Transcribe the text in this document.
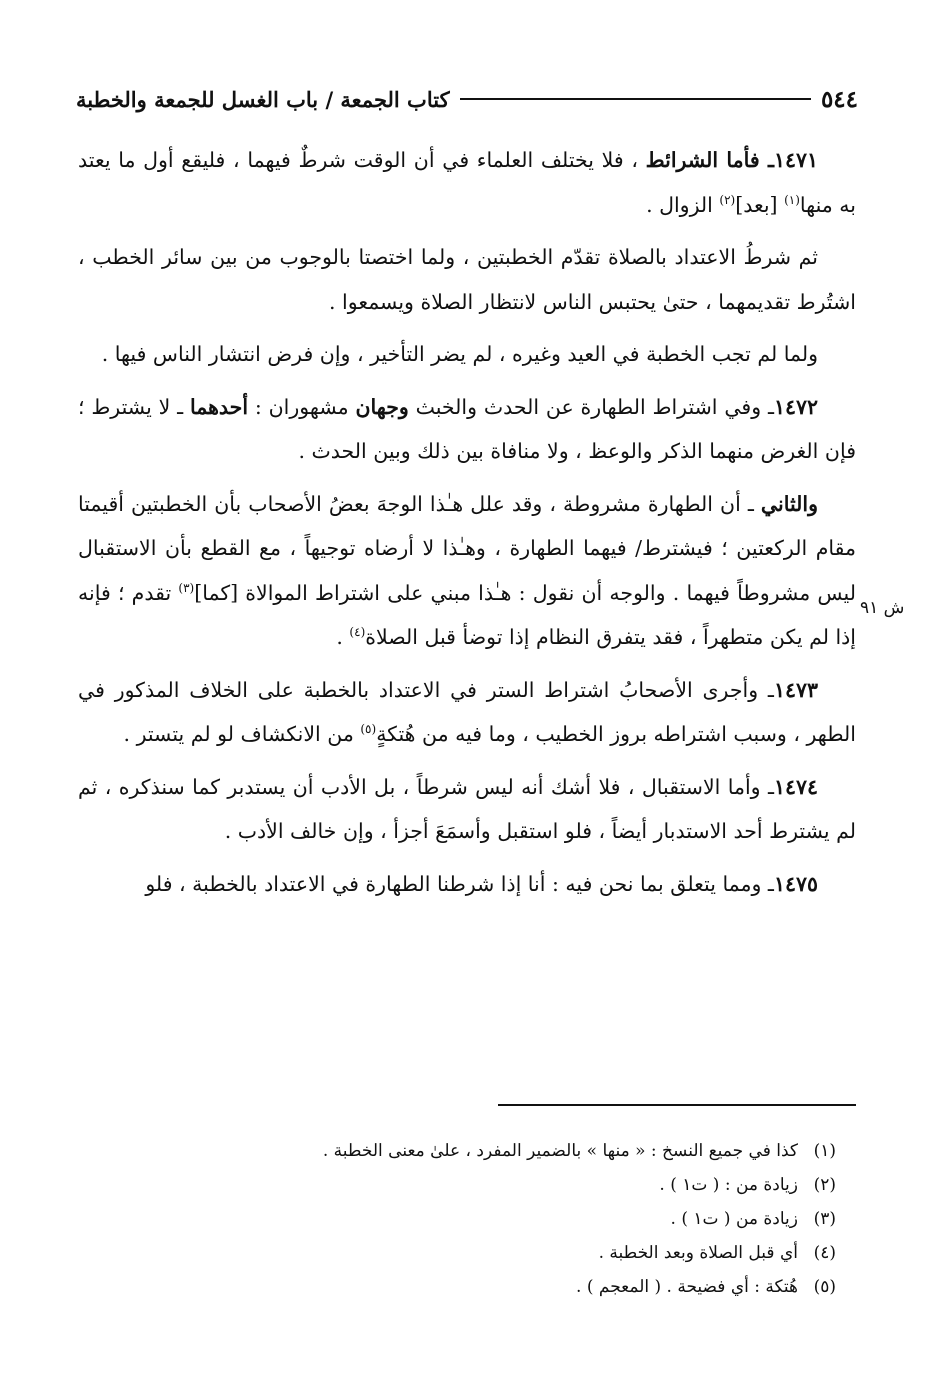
٥٤٤
كتاب الجمعة / باب الغسل للجمعة والخطبة
ش ٩١

١٤٧١ـ فأما الشرائط ، فلا يختلف العلماء في أن الوقت شرطٌ فيهما ، فليقع أول ما يعتد به منها$^{(١)}$ [بعد]$^{(٢)}$ الزوال .

ثم شرطُ الاعتداد بالصلاة تقدّم الخطبتين ، ولما اختصتا بالوجوب من بين سائر الخطب ، اشتُرط تقديمهما ، حتىٰ يحتبس الناس لانتظار الصلاة ويسمعوا .

ولما لم تجب الخطبة في العيد وغيره ، لم يضر التأخير ، وإن فرض انتشار الناس فيها .

١٤٧٢ـ وفي اشتراط الطهارة عن الحدث والخبث وجهان مشهوران : أحدهما ـ لا يشترط ؛ فإن الغرض منهما الذكر والوعظ ، ولا منافاة بين ذلك وبين الحدث .

والثاني ـ أن الطهارة مشروطة ، وقد علل هـٰذا الوجهَ بعضُ الأصحاب بأن الخطبتين أقيمتا مقام الركعتين ؛ فيشترط/ فيهما الطهارة ، وهـٰذا لا أرضاه توجيهاً ، مع القطع بأن الاستقبال ليس مشروطاً فيهما . والوجه أن نقول : هـٰذا مبني على اشتراط الموالاة [كما]$^{(٣)}$ تقدم ؛ فإنه إذا لم يكن متطهراً ، فقد يتفرق النظام إذا توضأ قبل الصلاة$^{(٤)}$ .

١٤٧٣ـ وأجرى الأصحابُ اشتراط الستر في الاعتداد بالخطبة على الخلاف المذكور في الطهر ، وسبب اشتراطه بروز الخطيب ، وما فيه من هُتكةٍ$^{(٥)}$ من الانكشاف لو لم يتستر .

١٤٧٤ـ وأما الاستقبال ، فلا أشك أنه ليس شرطاً ، بل الأدب أن يستدبر كما سنذكره ، ثم لم يشترط أحد الاستدبار أيضاً ، فلو استقبل وأسمَعَ أجزأ ، وإن خالف الأدب .

١٤٧٥ـ ومما يتعلق بما نحن فيه : أنا إذا شرطنا الطهارة في الاعتداد بالخطبة ، فلو

(١)كذا في جميع النسخ : « منها » بالضمير المفرد ، علىٰ معنى الخطبة .
(٢)زيادة من : ( ت١ ) .
(٣)زيادة من ( ت١ ) .
(٤)أي قبل الصلاة وبعد الخطبة .
(٥)هُتكة : أي فضيحة . ( المعجم ) .
